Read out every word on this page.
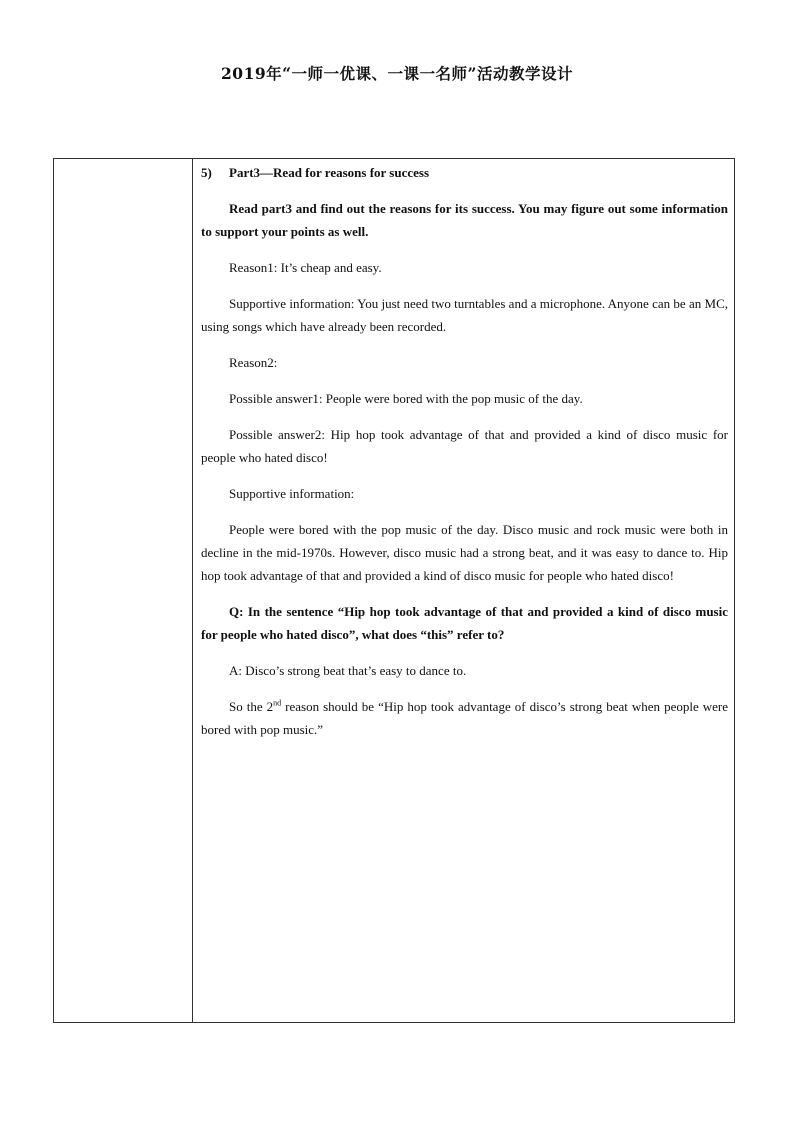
2019年“一师一优课、一课一名师”活动教学设计

5) Part3—Read for reasons for success

Read part3 and find out the reasons for its success. You may figure out some information to support your points as well.

Reason1: It’s cheap and easy.

Supportive information: You just need two turntables and a microphone. Anyone can be an MC, using songs which have already been recorded.

Reason2:

Possible answer1: People were bored with the pop music of the day.

Possible answer2: Hip hop took advantage of that and provided a kind of disco music for people who hated disco!

Supportive information:

People were bored with the pop music of the day. Disco music and rock music were both in decline in the mid-1970s. However, disco music had a strong beat, and it was easy to dance to. Hip hop took advantage of that and provided a kind of disco music for people who hated disco!

Q: In the sentence “Hip hop took advantage of that and provided a kind of disco music for people who hated disco”, what does “this” refer to?

A: Disco’s strong beat that’s easy to dance to.

So the 2nd reason should be “Hip hop took advantage of disco’s strong beat when people were bored with pop music.”
